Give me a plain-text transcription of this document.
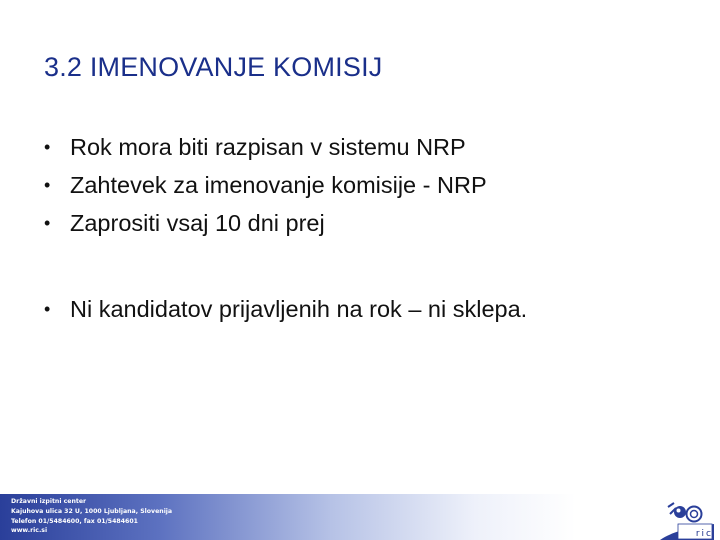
3.2 IMENOVANJE KOMISIJ
• Rok mora biti razpisan v sistemu NRP
• Zahtevek za imenovanje komisije - NRP
• Zaprositi vsaj 10 dni prej
• Ni kandidatov prijavljenih na rok – ni sklepa.
Državni izpitni center
Kajuhova ulica 32 U, 1000 Ljubljana, Slovenija
Telefon 01/5484600, fax 01/5484601
www.ric.si	ric
